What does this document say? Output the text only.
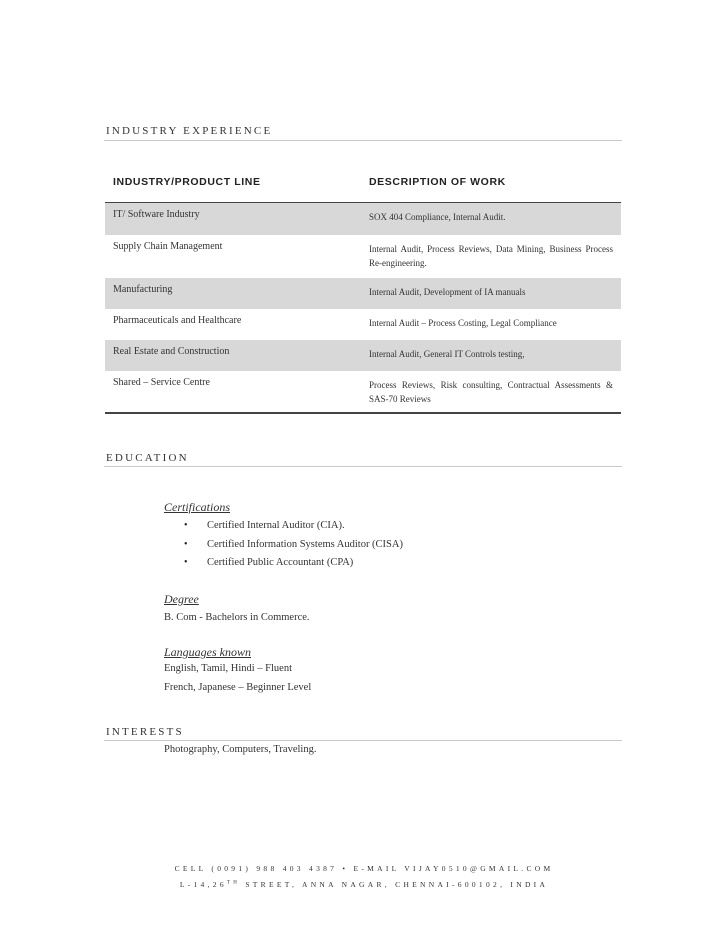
INDUSTRY EXPERIENCE
INDUSTRY/PRODUCT LINE	DESCRIPTION OF WORK
IT/ Software Industry	SOX 404 Compliance, Internal Audit.
Supply Chain Management	Internal Audit, Process Reviews, Data Mining, Business Process Re-engineering.
Manufacturing	Internal Audit, Development of IA manuals
Pharmaceuticals and Healthcare	Internal Audit – Process Costing, Legal Compliance
Real Estate and Construction	Internal Audit, General IT Controls testing,
Shared – Service Centre	Process Reviews, Risk consulting, Contractual Assessments & SAS-70 Reviews
EDUCATION
Certifications
• Certified Internal Auditor (CIA).
• Certified Information Systems Auditor (CISA)
• Certified Public Accountant (CPA)
Degree
B. Com - Bachelors in Commerce.
Languages known
English, Tamil, Hindi – Fluent
French, Japanese – Beginner Level
INTERESTS
Photography, Computers, Traveling.
CELL (0091) 988 403 4387 • E-MAIL VIJAY0510@GMAIL.COM
L-14,26TH STREET, ANNA NAGAR, CHENNAI-600102, INDIA
